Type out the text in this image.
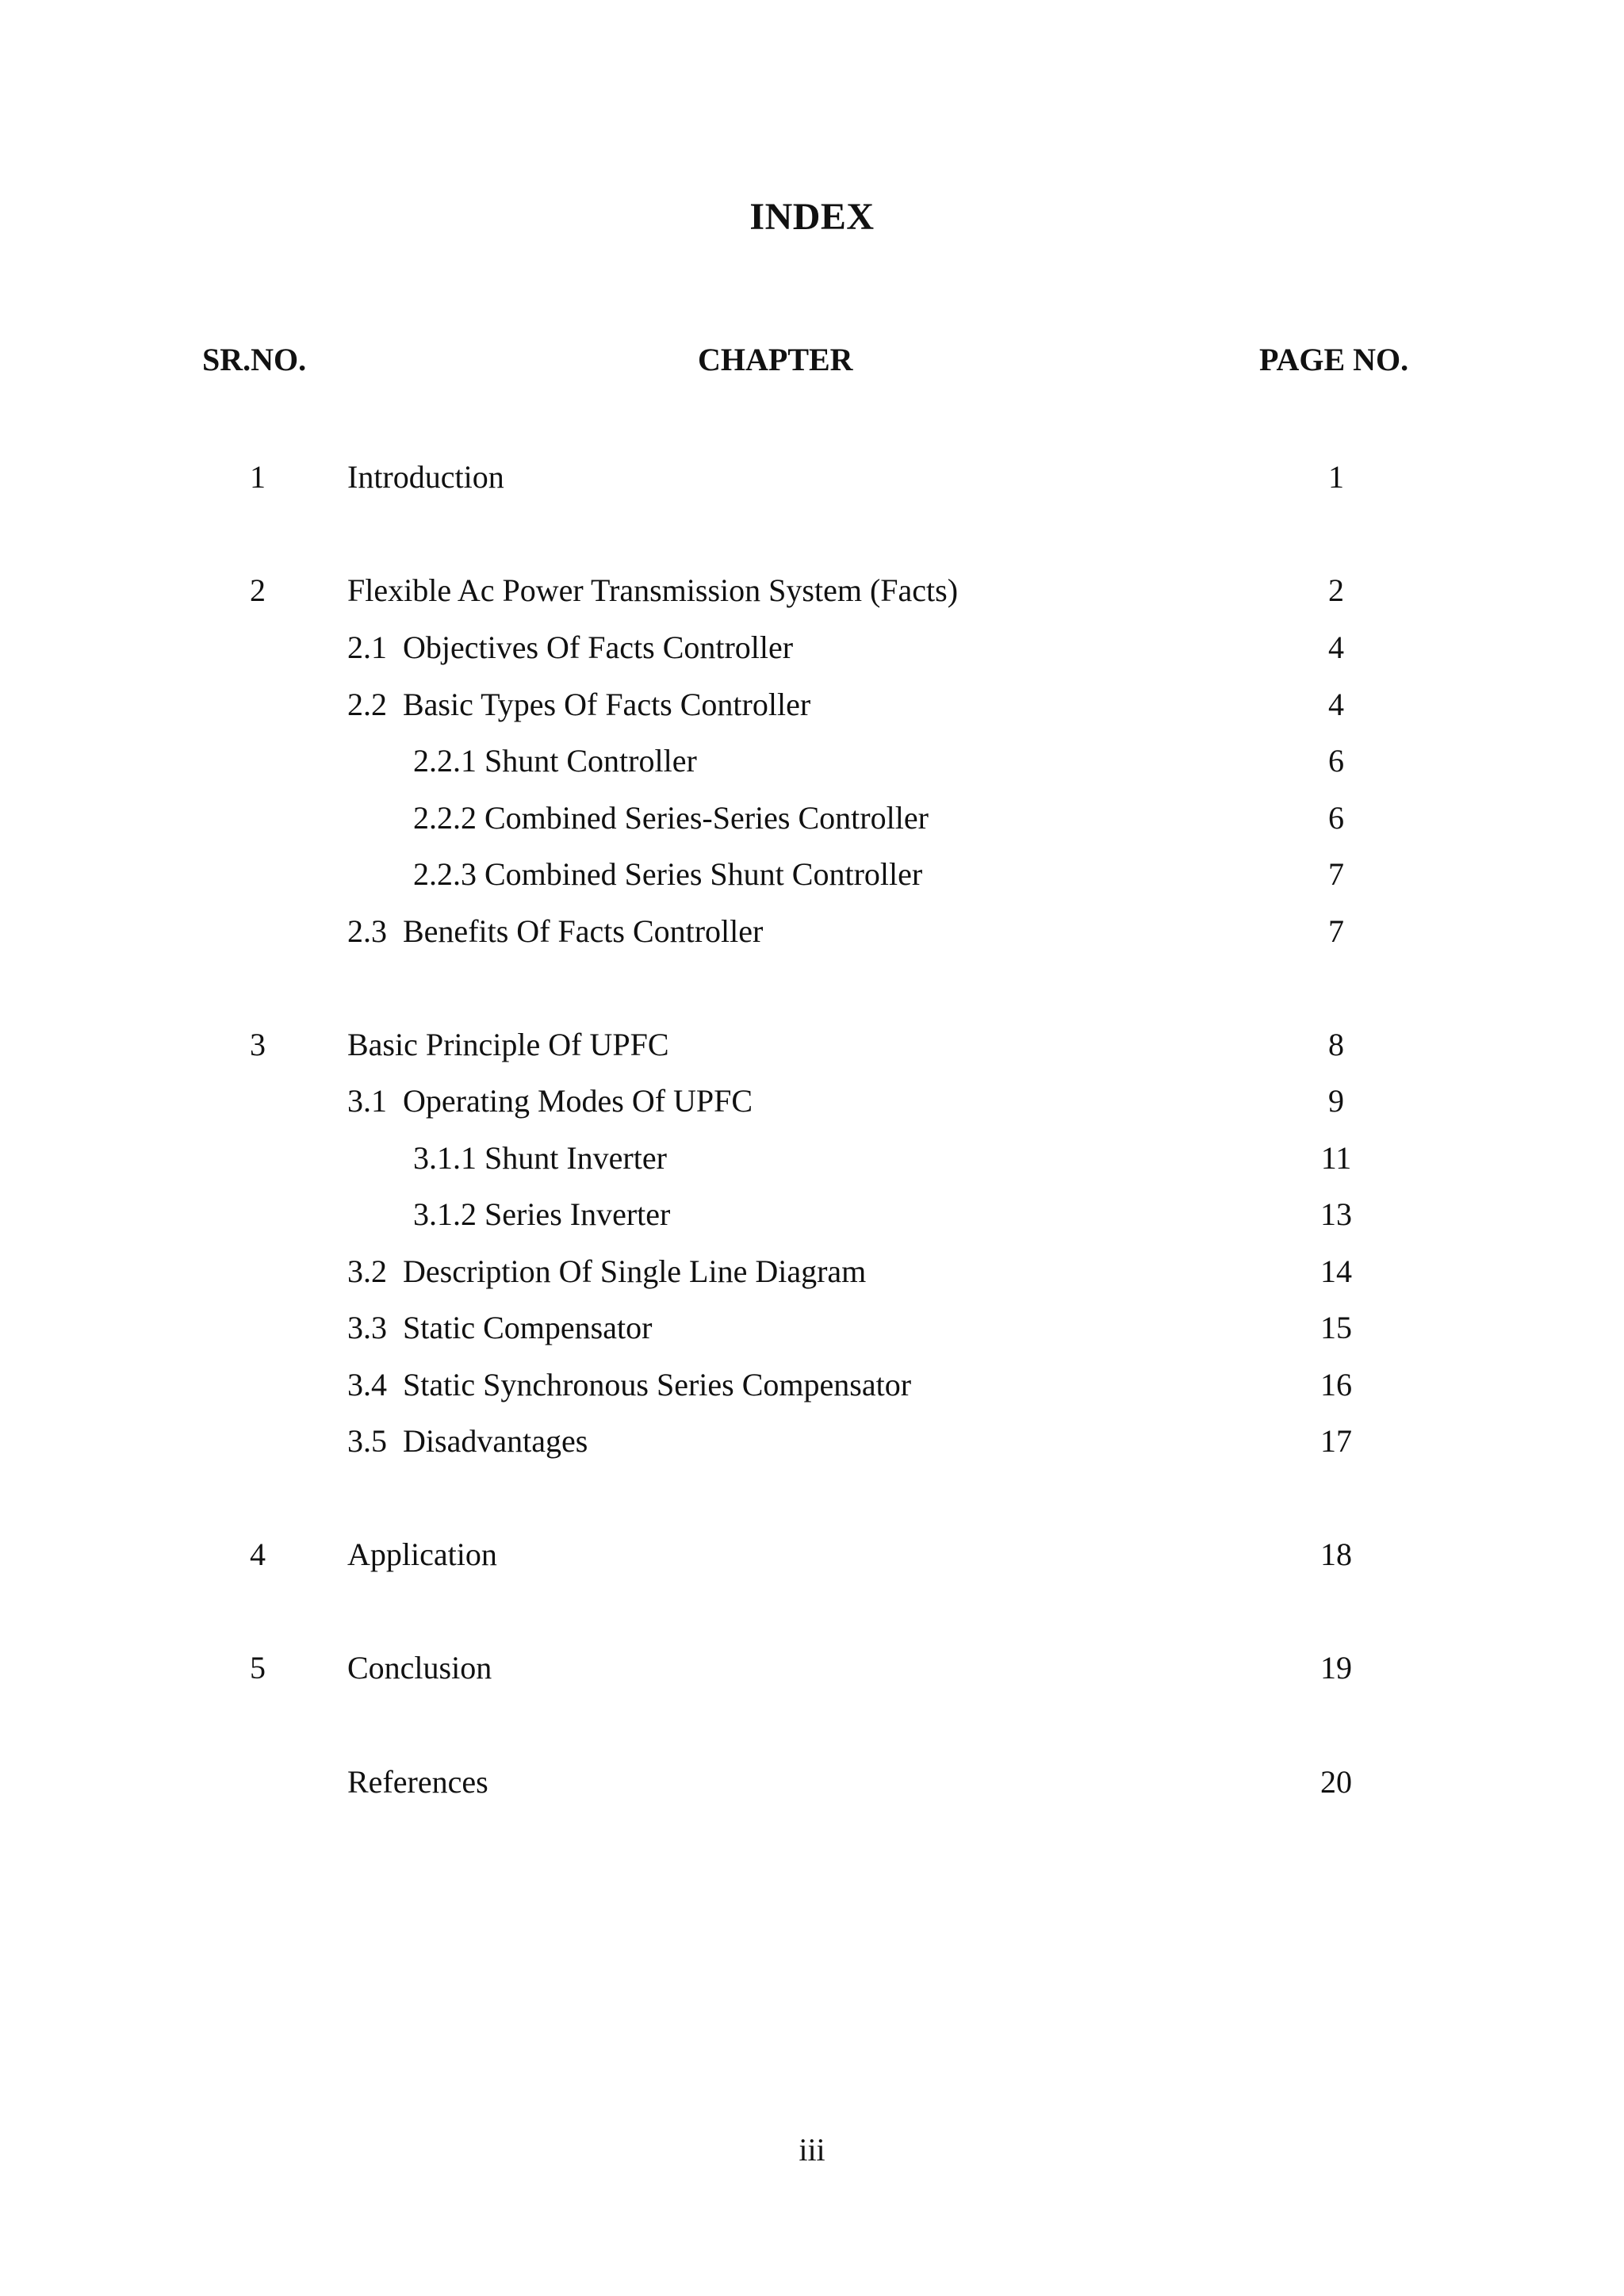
INDEX
SR.NO.	CHAPTER	PAGE NO.
1	Introduction	1
2	Flexible Ac Power Transmission System (Facts)	2
2.1  Objectives Of Facts Controller	4
2.2  Basic Types Of Facts Controller	4
2.2.1 Shunt Controller	6
2.2.2 Combined Series-Series Controller	6
2.2.3 Combined Series Shunt Controller	7
2.3  Benefits Of Facts Controller	7
3	Basic Principle Of UPFC	8
3.1  Operating Modes Of UPFC	9
3.1.1 Shunt Inverter	11
3.1.2 Series Inverter	13
3.2  Description Of Single Line Diagram	14
3.3  Static Compensator	15
3.4  Static Synchronous Series Compensator	16
3.5  Disadvantages	17
4	Application	18
5	Conclusion	19
References	20
iii
